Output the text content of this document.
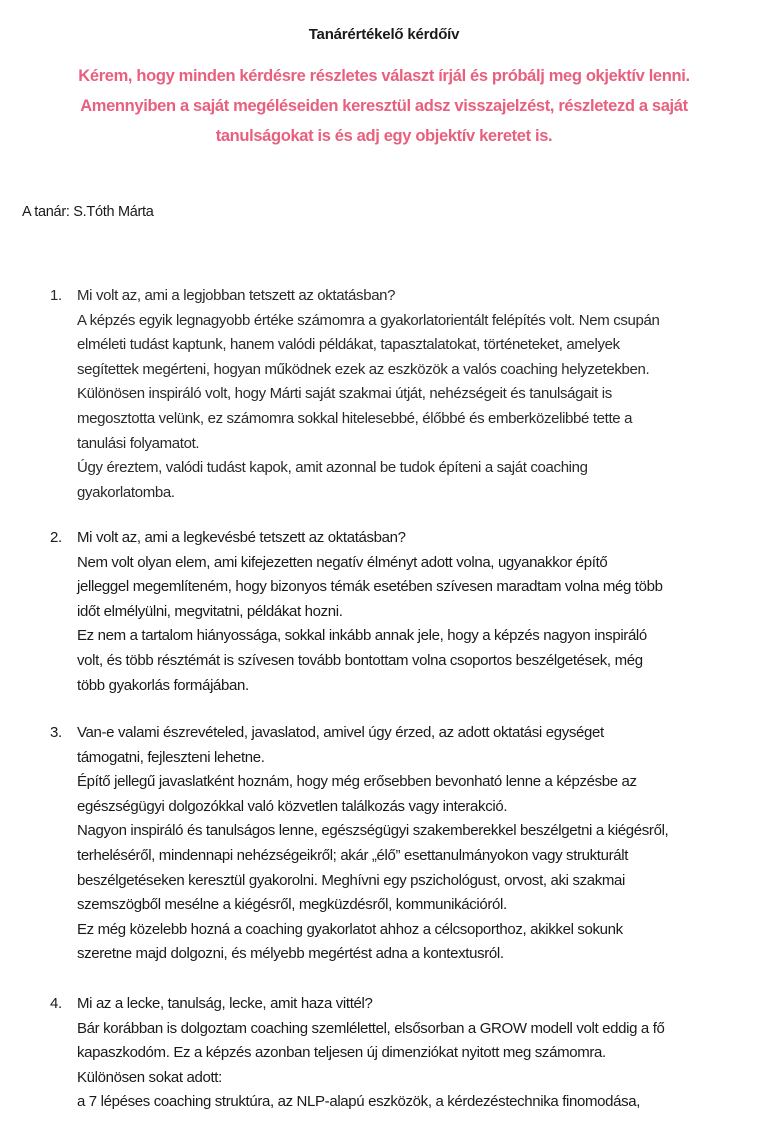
Tanárértékelő kérdőív
Kérem, hogy minden kérdésre részletes választ írjál és próbálj meg okjektív lenni.
Amennyiben a saját megéléseiden keresztül adsz visszajelzést, részletezd a saját
tanulságokat is és adj egy objektív keretet is.
A tanár: S.Tóth Márta
1. Mi volt az, ami a legjobban tetszett az oktatásban?
A képzés egyik legnagyobb értéke számomra a gyakorlatorientált felépítés volt. Nem csupán
elméleti tudást kaptunk, hanem valódi példákat, tapasztalatokat, történeteket, amelyek
segítettek megérteni, hogyan működnek ezek az eszközök a valós coaching helyzetekben.
Különösen inspiráló volt, hogy Márti saját szakmai útját, nehézségeit és tanulságait is
megosztotta velünk, ez számomra sokkal hitelesebbé, élőbbé és emberközelibbé tette a
tanulási folyamatot.
Úgy éreztem, valódi tudást kapok, amit azonnal be tudok építeni a saját coaching
gyakorlatomba.
2. Mi volt az, ami a legkevésbé tetszett az oktatásban?
Nem volt olyan elem, ami kifejezetten negatív élményt adott volna, ugyanakkor építő
jelleggel megemlíteném, hogy bizonyos témák esetében szívesen maradtam volna még több
időt elmélyülni, megvitatni, példákat hozni.
Ez nem a tartalom hiányossága, sokkal inkább annak jele, hogy a képzés nagyon inspiráló
volt, és több résztémát is szívesen tovább bontottam volna csoportos beszélgetések, még
több gyakorlás formájában.
3. Van-e valami észrevételed, javaslatod, amivel úgy érzed, az adott oktatási egységet
támogatni, fejleszteni lehetne.
Építő jellegű javaslatként hoznám, hogy még erősebben bevonható lenne a képzésbe az
egészségügyi dolgozókkal való közvetlen találkozás vagy interakció.
Nagyon inspiráló és tanulságos lenne, egészségügyi szakemberekkel beszélgetni a kiégésről,
terheléséről, mindennapi nehézségeikről; akár „élő” esettanulmányokon vagy strukturált
beszélgetéseken keresztül gyakorolni. Meghívni egy pszichológust, orvost, aki szakmai
szemszögből mesélne a kiégésről, megküzdésről, kommunikációról.
Ez még közelebb hozná a coaching gyakorlatot ahhoz a célcsoporthoz, akikkel sokunk
szeretne majd dolgozni, és mélyebb megértést adna a kontextusról.
4. Mi az a lecke, tanulság, lecke, amit haza vittél?
Bár korábban is dolgoztam coaching szemlélettel, elsősorban a GROW modell volt eddig a fő
kapaszkodóm. Ez a képzés azonban teljesen új dimenziókat nyitott meg számomra.
Különösen sokat adott:
a 7 lépéses coaching struktúra, az NLP-alapú eszközök, a kérdezéstechnika finomodása,
